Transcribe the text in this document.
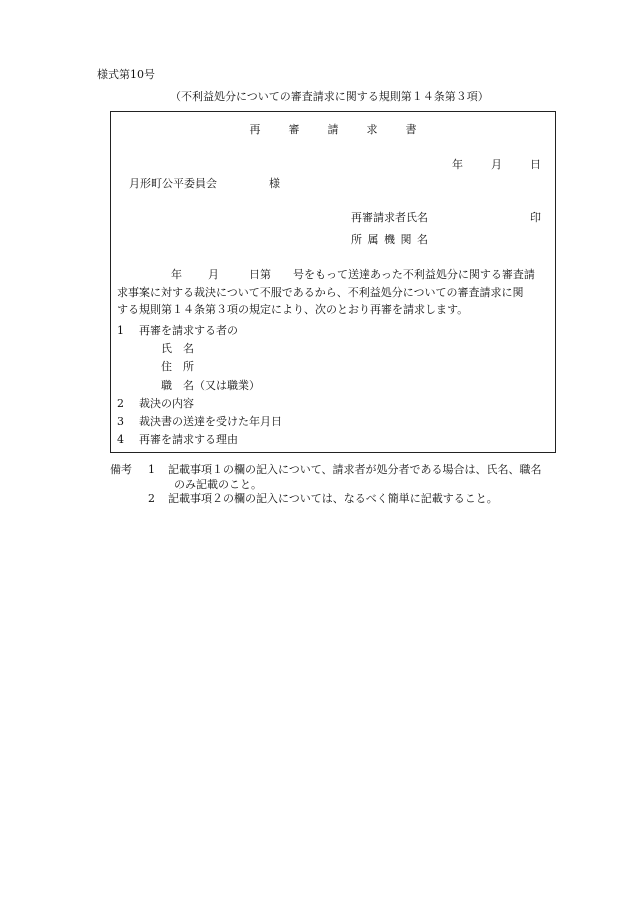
様式第10号
（不利益処分についての審査請求に関する規則第１４条第３項）
再	審	請	求	書
年	月	日
月形町公平委員会	様
再審請求者氏名	印
所 属 機 関 名
年 月	日第　　号をもって送達あった不利益処分に関する審査請
求事案に対する裁決について不服であるから、不利益処分についての審査請求に関
する規則第１４条第３項の規定により、次のとおり再審を請求します。
1 再審を請求する者の
氏　名
住　所
職　名（又は職業）
2 裁決の内容
3 裁決書の送達を受けた年月日
4 再審を請求する理由
備考 1 記載事項１の欄の記入について、請求者が処分者である場合は、氏名、職名
のみ記載のこと。
2 記載事項２の欄の記入については、なるべく簡単に記載すること。
